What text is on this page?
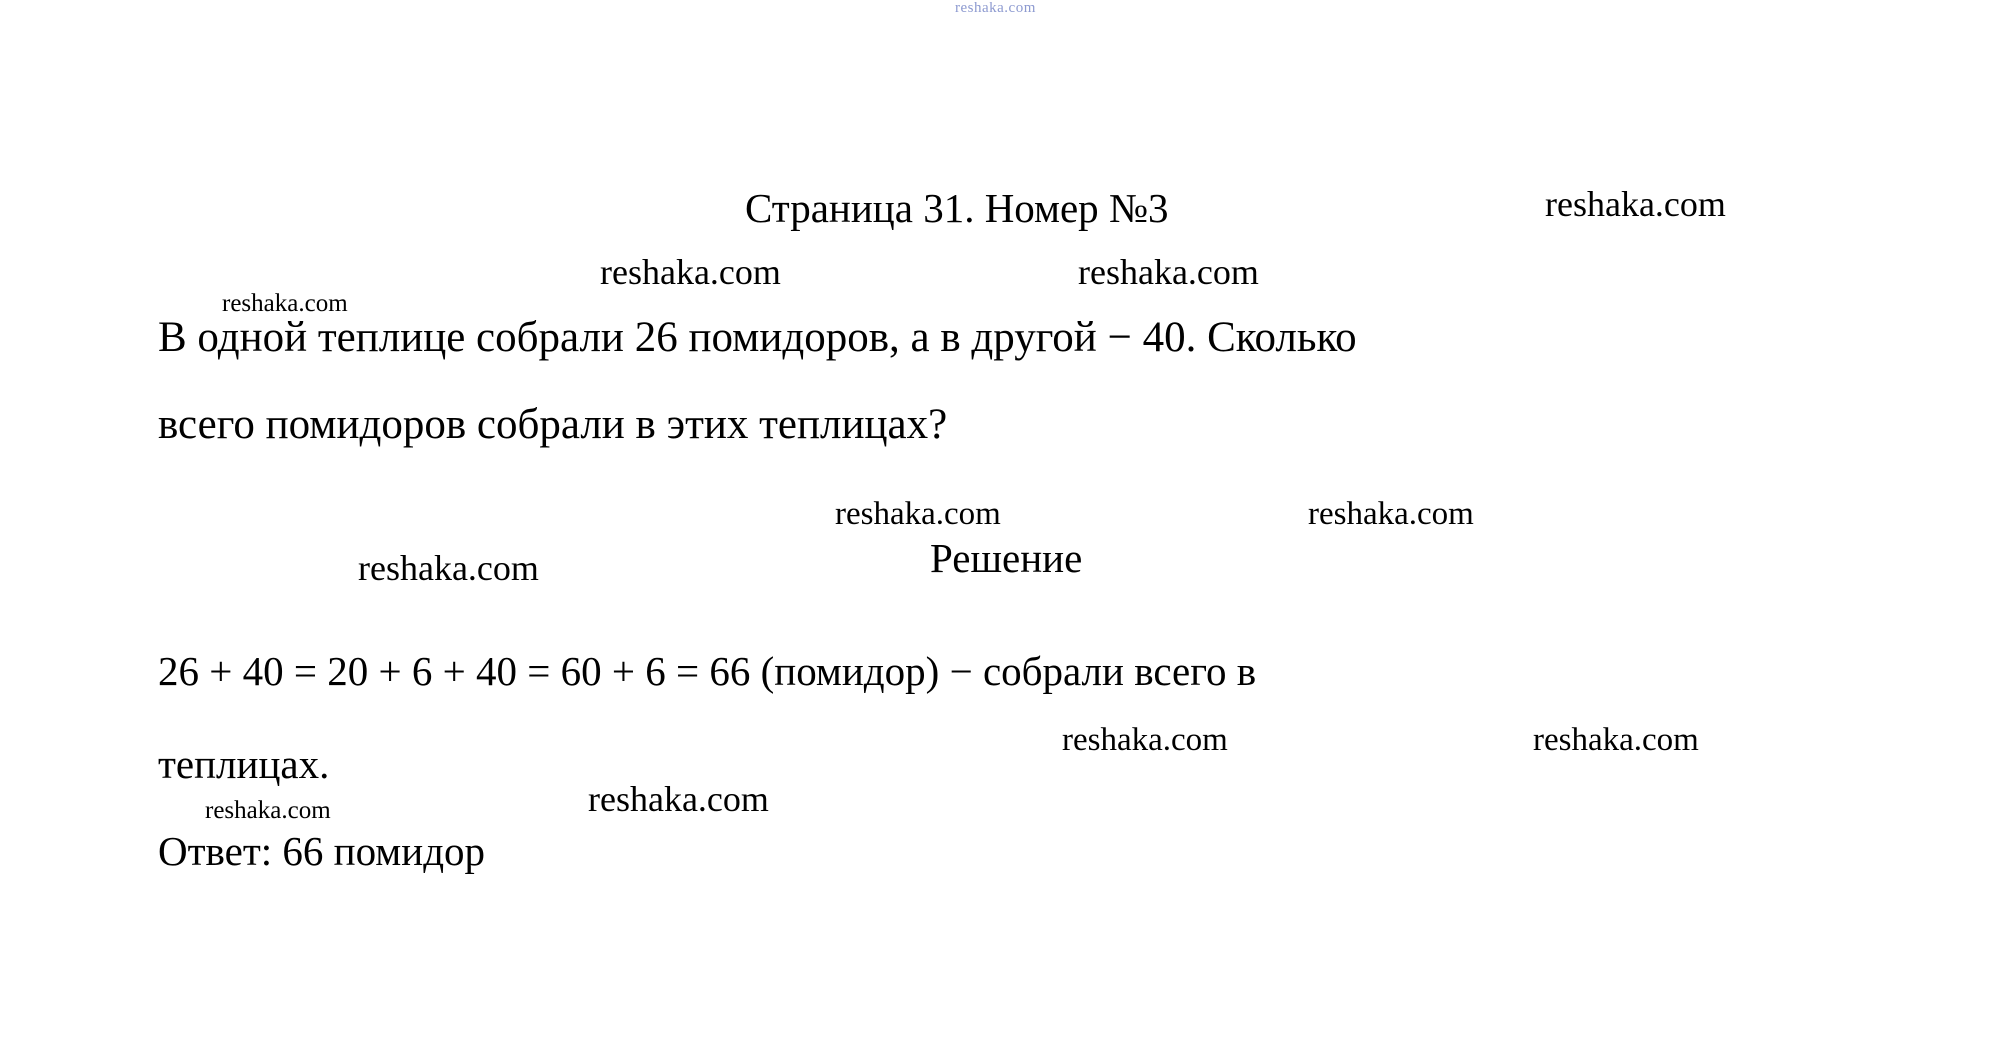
reshaka.com
Страница 31. Номер №3	reshaka.com
reshaka.com	reshaka.com
reshaka.com
В одной теплице собрали 26 помидоров, а в другой − 40. Сколько
всего помидоров собрали в этих теплицах?
reshaka.com	reshaka.com
reshaka.com	Решение
26 + 40 = 20 + 6 + 40 = 60 + 6 = 66 (помидор) − собрали всего в
reshaka.com	reshaka.com
теплицах.
reshaka.com	reshaka.com
Ответ: 66 помидор
